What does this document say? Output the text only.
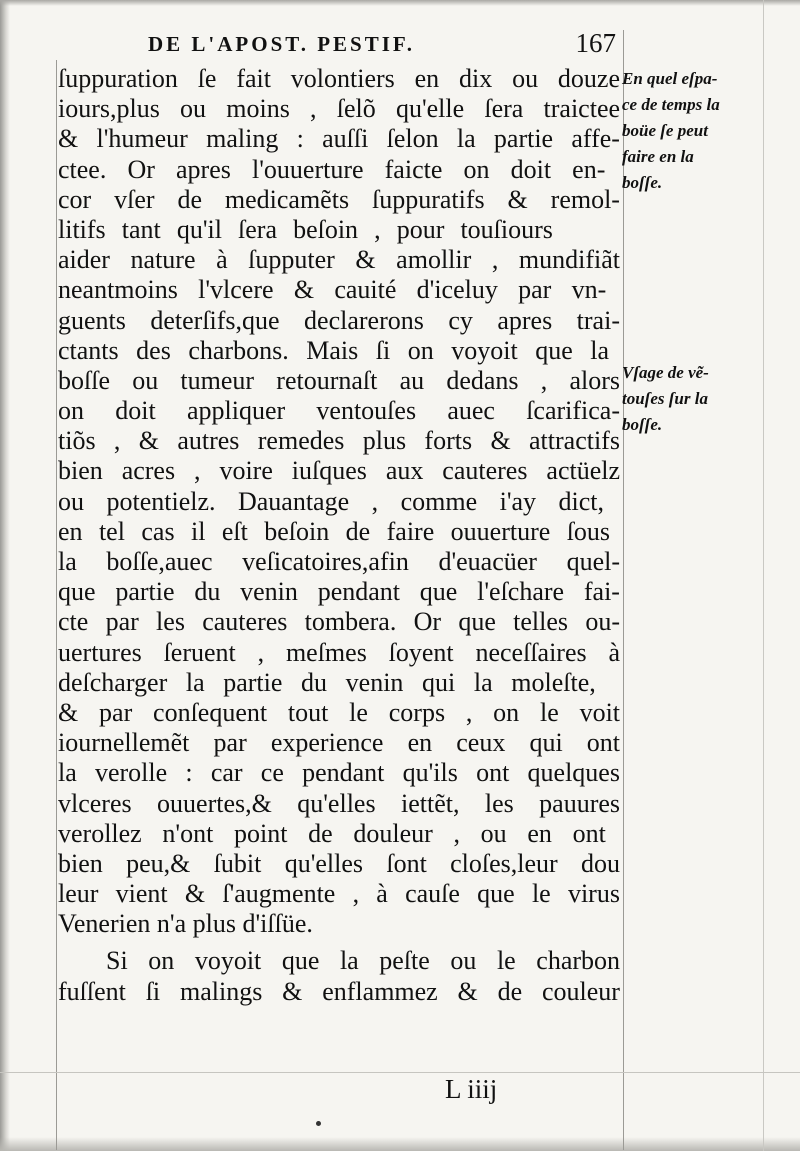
DE L'APOST. PESTIF.	167
ſuppuration ſe fait volontiers en dix ou douze
iours,plus ou moins , ſelõ qu'elle ſera traictee
& l'humeur maling : auſſi ſelon la partie affe-
ctee. Or apres l'ouuerture faicte on doit en-
cor vſer de medicamẽts ſuppuratifs & remol-
litifs tant qu'il ſera beſoin , pour touſiours
aider nature à ſupputer & amollir , mundifiãt
neantmoins l'vlcere & cauité d'iceluy par vn-
guents deterſifs,que declarerons cy apres trai-
ctants des charbons. Mais ſi on voyoit que la
boſſe ou tumeur retournaſt au dedans , alors
on doit appliquer ventouſes auec ſcarifica-
tiõs , & autres remedes plus forts & attractifs
bien acres , voire iuſques aux cauteres actüelz
ou potentielz. Dauantage , comme i'ay dict,
en tel cas il eſt beſoin de faire ouuerture ſous
la boſſe,auec veſicatoires,afin d'euacüer quel-
que partie du venin pendant que l'eſchare fai-
cte par les cauteres tombera. Or que telles ou-
uertures ſeruent , meſmes ſoyent neceſſaires à
deſcharger la partie du venin qui la moleſte,
& par conſequent tout le corps , on le voit
iournellemẽt par experience en ceux qui ont
la verolle : car ce pendant qu'ils ont quelques
vlceres ouuertes,& qu'elles iettẽt, les pauures
verollez n'ont point de douleur , ou en ont
bien peu,& ſubit qu'elles ſont cloſes,leur dou
leur vient & ſ'augmente , à cauſe que le virus
Venerien n'a plus d'iſſüe.
Si on voyoit que la peſte ou le charbon
fuſſent ſi malings & enflammez & de couleur
En quel eſpa-
ce de temps la
boüe ſe peut
faire en la
boſſe.
Vſage de vẽ-
touſes ſur la
boſſe.
L iiij
